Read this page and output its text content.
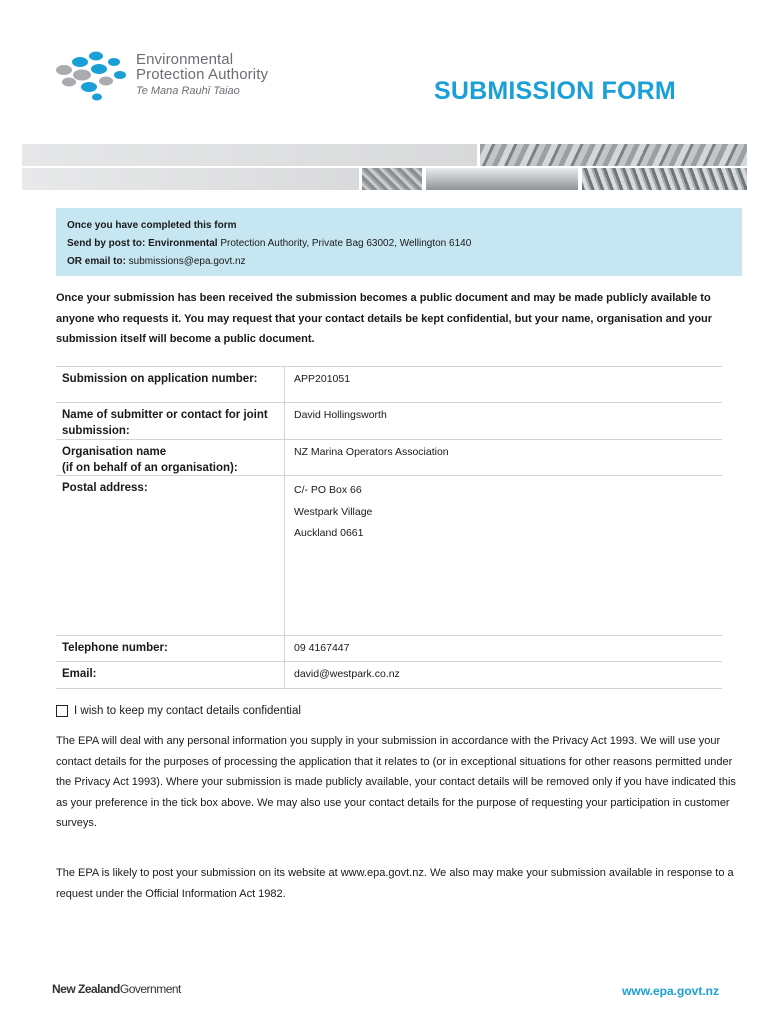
Environmental
Protection Authority
Te Mana Rauhī Taiao	SUBMISSION FORM

Once you have completed this form

Send by post to: Environmental Protection Authority, Private Bag 63002, Wellington 6140

OR email to: submissions@epa.govt.nz

Once your submission has been received the submission becomes a public document and may be made publicly available to anyone who requests it. You may request that your contact details be kept confidential, but your name, organisation and your submission itself will become a public document.
Submission on application number:	APP201051
Name of submitter or contact for joint submission:
David Hollingsworth
Organisation name
(if on behalf of an organisation):
NZ Marina Operators Association
Postal address:	C/- PO Box 66
Westpark Village
Auckland 0661
Telephone number:	09 4167447
Email:	david@westpark.co.nz
I wish to keep my contact details confidential
The EPA will deal with any personal information you supply in your submission in accordance with the Privacy Act 1993. We will use your contact details for the purposes of processing the application that it relates to (or in exceptional situations for other reasons permitted under the Privacy Act 1993). Where your submission is made publicly available, your contact details will be removed only if you have indicated this as your preference in the tick box above. We may also use your contact details for the purpose of requesting your participation in customer surveys.
The EPA is likely to post your submission on its website at www.epa.govt.nz. We also may make your submission available in response to a request under the Official Information Act 1982.
New ZealandGovernment	www.epa.govt.nz
